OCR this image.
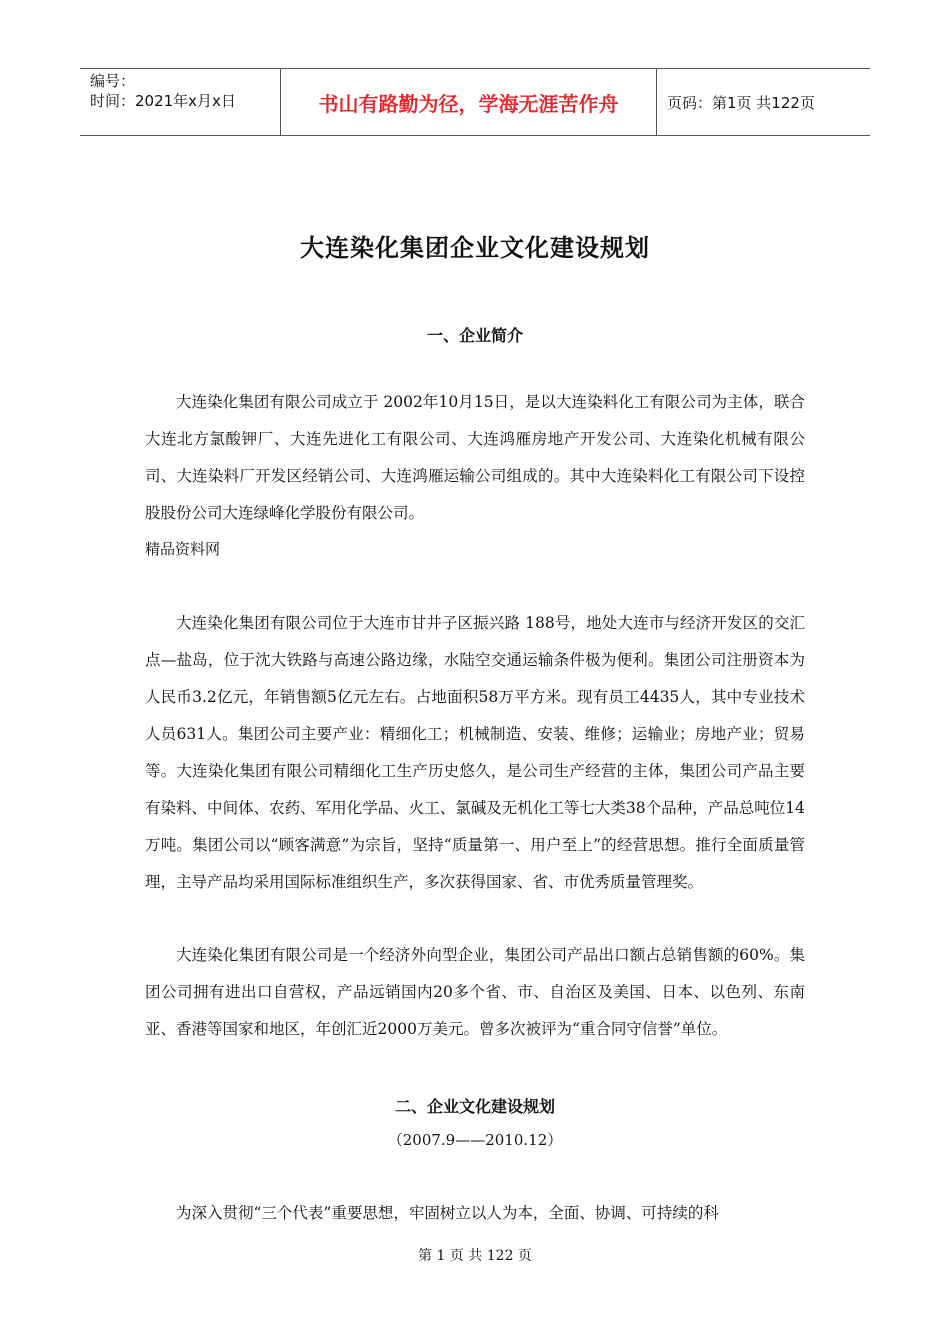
编号：
时间：2021年x月x日	书山有路勤为径，学海无涯苦作舟	页码：第1页 共122页
大连染化集团企业文化建设规划
一、企业简介

大连染化集团有限公司成立于 2002年10月15日，是以大连染料化工有限公司为主体，联合大连北方氯酸钾厂、大连先进化工有限公司、大连鸿雁房地产开发公司、大连染化机械有限公司、大连染料厂开发区经销公司、大连鸿雁运输公司组成的。其中大连染料化工有限公司下设控股股份公司大连绿峰化学股份有限公司。

精品资料网

大连染化集团有限公司位于大连市甘井子区振兴路 188号，地处大连市与经济开发区的交汇点—盐岛，位于沈大铁路与高速公路边缘，水陆空交通运输条件极为便利。集团公司注册资本为人民币3.2亿元，年销售额5亿元左右。占地面积58万平方米。现有员工4435人，其中专业技术人员631人。集团公司主要产业：精细化工；机械制造、安装、维修；运输业；房地产业；贸易等。大连染化集团有限公司精细化工生产历史悠久，是公司生产经营的主体，集团公司产品主要有染料、中间体、农药、军用化学品、火工、氯碱及无机化工等七大类38个品种，产品总吨位14万吨。集团公司以“顾客满意”为宗旨，坚持“质量第一、用户至上”的经营思想。推行全面质量管理，主导产品均采用国际标准组织生产，多次获得国家、省、市优秀质量管理奖。

大连染化集团有限公司是一个经济外向型企业，集团公司产品出口额占总销售额的60%。集团公司拥有进出口自营权，产品远销国内20多个省、市、自治区及美国、日本、以色列、东南亚、香港等国家和地区，年创汇近2000万美元。曾多次被评为“重合同守信誉”单位。

二、企业文化建设规划
（2007.9——2010.12）

为深入贯彻“三个代表”重要思想，牢固树立以人为本，全面、协调、可持续的科

第 1 页 共 122 页
